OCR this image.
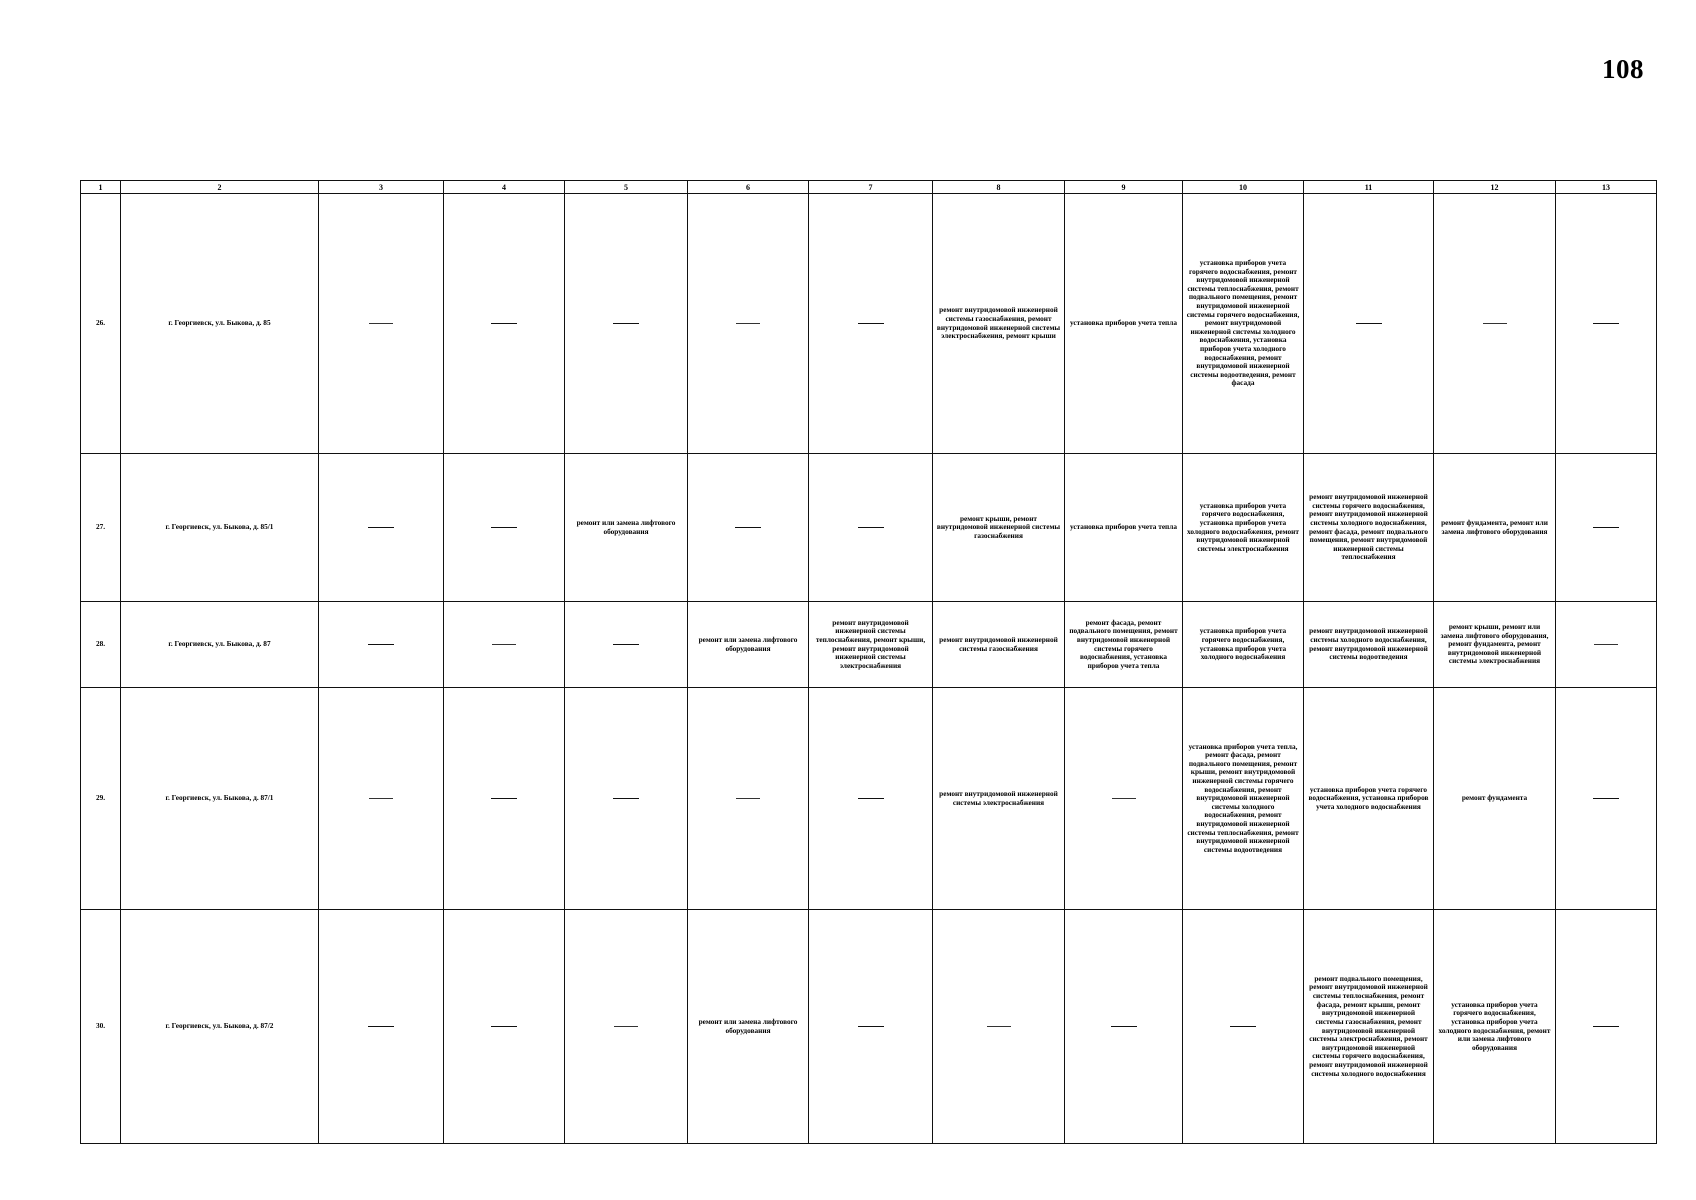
108
1	2	3	4	5	6	7	8	9	10	11	12	13
26.	г. Георгиевск, ул. Быкова, д. 85						ремонт внутридомовой инженерной системы газоснабжения, ремонт внутридомовой инженерной системы электроснабжения, ремонт крыши	установка приборов учета тепла	установка приборов учета горячего водоснабжения, ремонт внутридомовой инженерной системы теплоснабжения, ремонт подвального помещения, ремонт внутридомовой инженерной системы горячего водоснабжения, ремонт внутридомовой инженерной системы холодного водоснабжения, установка приборов учета холодного водоснабжения, ремонт внутридомовой инженерной системы водоотведения, ремонт фасада			
27.	г. Георгиевск, ул. Быкова, д. 85/1			ремонт или замена лифтового оборудования			ремонт крыши, ремонт внутридомовой инженерной системы газоснабжения	установка приборов учета тепла	установка приборов учета горячего водоснабжения, установка приборов учета холодного водоснабжения, ремонт внутридомовой инженерной системы электроснабжения	ремонт внутридомовой инженерной системы горячего водоснабжения, ремонт внутридомовой инженерной системы холодного водоснабжения, ремонт фасада, ремонт подвального помещения, ремонт внутридомовой инженерной системы теплоснабжения	ремонт фундамента, ремонт или замена лифтового оборудования	
28.	г. Георгиевск, ул. Быкова, д. 87				ремонт или замена лифтового оборудования	ремонт внутридомовой инженерной системы теплоснабжения, ремонт крыши, ремонт внутридомовой инженерной системы электроснабжения	ремонт внутридомовой инженерной системы газоснабжения	ремонт фасада, ремонт подвального помещения, ремонт внутридомовой инженерной системы горячего водоснабжения, установка приборов учета тепла	установка приборов учета горячего водоснабжения, установка приборов учета холодного водоснабжения	ремонт внутридомовой инженерной системы холодного водоснабжения, ремонт внутридомовой инженерной системы водоотведения	ремонт крыши, ремонт или замена лифтового оборудования, ремонт фундамента, ремонт внутридомовой инженерной системы электроснабжения	
29.	г. Георгиевск, ул. Быкова, д. 87/1						ремонт внутридомовой инженерной системы электроснабжения		установка приборов учета тепла, ремонт фасада, ремонт подвального помещения, ремонт крыши, ремонт внутридомовой инженерной системы горячего водоснабжения, ремонт внутридомовой инженерной системы холодного водоснабжения, ремонт внутридомовой инженерной системы теплоснабжения, ремонт внутридомовой инженерной системы водоотведения	установка приборов учета горячего водоснабжения, установка приборов учета холодного водоснабжения	ремонт фундамента	
30.	г. Георгиевск, ул. Быкова, д. 87/2				ремонт или замена лифтового оборудования					ремонт подвального помещения, ремонт внутридомовой инженерной системы теплоснабжения, ремонт фасада, ремонт крыши, ремонт внутридомовой инженерной системы газоснабжения, ремонт внутридомовой инженерной системы электроснабжения, ремонт внутридомовой инженерной системы горячего водоснабжения, ремонт внутридомовой инженерной системы холодного водоснабжения	установка приборов учета горячего водоснабжения, установка приборов учета холодного водоснабжения, ремонт или замена лифтового оборудования	
